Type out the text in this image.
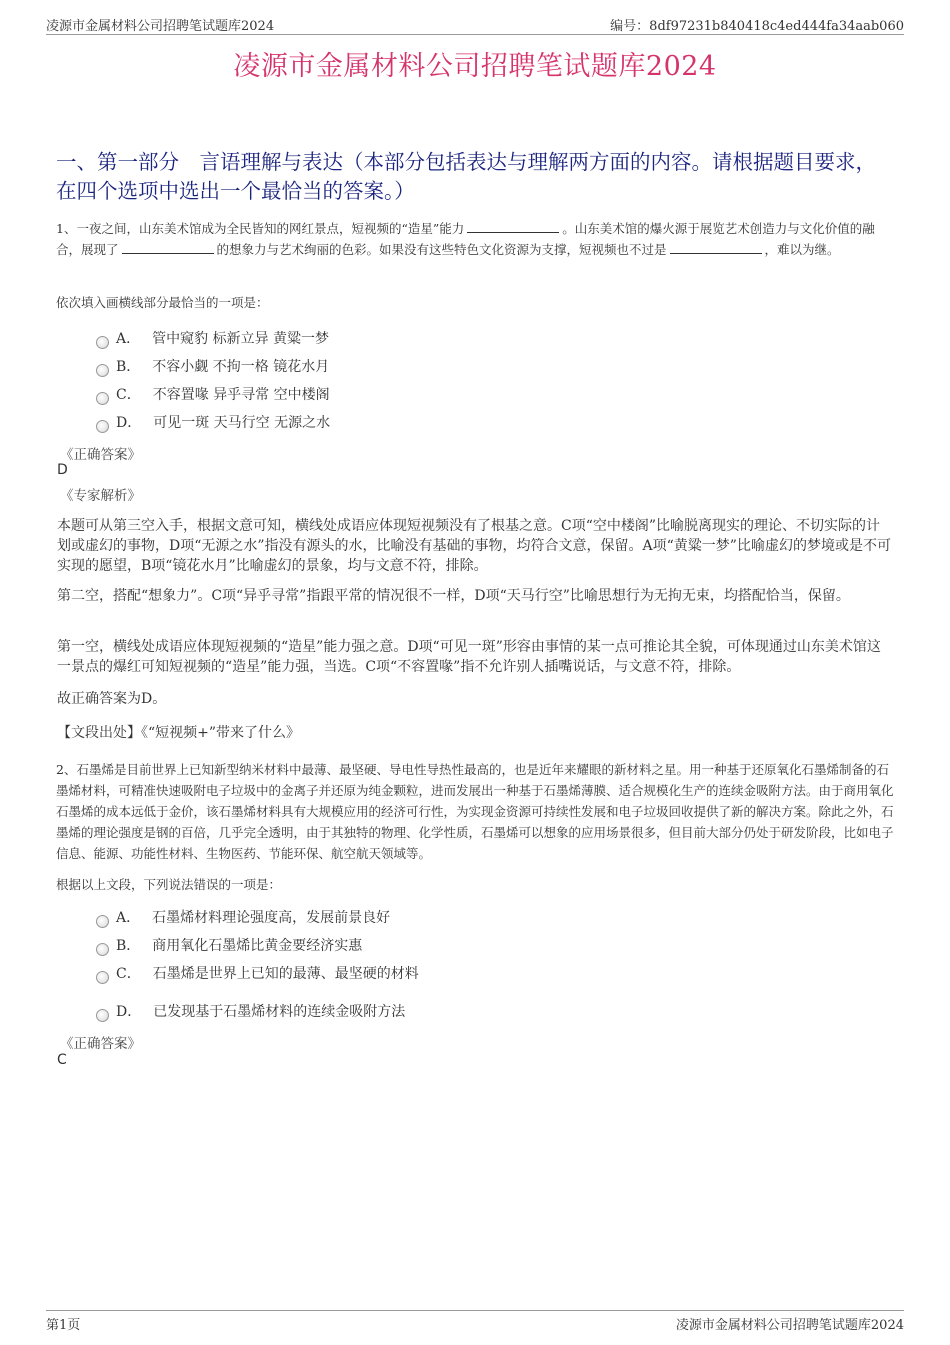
凌源市金属材料公司招聘笔试题库2024	编号：8df97231b840418c4ed444fa34aab060
凌源市金属材料公司招聘笔试题库2024
一、第一部分　言语理解与表达（本部分包括表达与理解两方面的内容。请根据题目要求，在四个选项中选出一个最恰当的答案。）
1、一夜之间，山东美术馆成为全民皆知的网红景点，短视频的“造星”能力	。山东美术馆的爆火源于展览艺术创造力与文化价值的融合，展现了	的想象力与艺术绚丽的色彩。如果没有这些特色文化资源为支撑，短视频也不过是	，难以为继。
依次填入画横线部分最恰当的一项是：
A． 管中窥豹 标新立异 黄粱一梦
B． 不容小觑 不拘一格 镜花水月
C． 不容置喙 异乎寻常 空中楼阁
D． 可见一斑 天马行空 无源之水
《正确答案》
D
《专家解析》
本题可从第三空入手，根据文意可知，横线处成语应体现短视频没有了根基之意。C项“空中楼阁”比喻脱离现实的理论、不切实际的计划或虚幻的事物，D项“无源之水”指没有源头的水，比喻没有基础的事物，均符合文意，保留。A项“黄粱一梦”比喻虚幻的梦境或是不可实现的愿望，B项“镜花水月”比喻虚幻的景象，均与文意不符，排除。
第二空，搭配“想象力”。C项“异乎寻常”指跟平常的情况很不一样，D项“天马行空”比喻思想行为无拘无束，均搭配恰当，保留。
第一空，横线处成语应体现短视频的“造星”能力强之意。D项“可见一斑”形容由事情的某一点可推论其全貌，可体现通过山东美术馆这一景点的爆红可知短视频的“造星”能力强，当选。C项“不容置喙”指不允许别人插嘴说话，与文意不符，排除。
故正确答案为D。
【文段出处】《“短视频+”带来了什么》
2、石墨烯是目前世界上已知新型纳米材料中最薄、最坚硬、导电性导热性最高的，也是近年来耀眼的新材料之星。用一种基于还原氧化石墨烯制备的石墨烯材料，可精准快速吸附电子垃圾中的金离子并还原为纯金颗粒，进而发展出一种基于石墨烯薄膜、适合规模化生产的连续金吸附方法。由于商用氧化石墨烯的成本远低于金价，该石墨烯材料具有大规模应用的经济可行性，为实现金资源可持续性发展和电子垃圾回收提供了新的解决方案。除此之外，石墨烯的理论强度是钢的百倍，几乎完全透明，由于其独特的物理、化学性质，石墨烯可以想象的应用场景很多，但目前大部分仍处于研发阶段，比如电子信息、能源、功能性材料、生物医药、节能环保、航空航天领域等。
根据以上文段，下列说法错误的一项是：
A． 石墨烯材料理论强度高，发展前景良好
B． 商用氧化石墨烯比黄金要经济实惠
C． 石墨烯是世界上已知的最薄、最坚硬的材料
D． 已发现基于石墨烯材料的连续金吸附方法
《正确答案》
C
第1页	凌源市金属材料公司招聘笔试题库2024
